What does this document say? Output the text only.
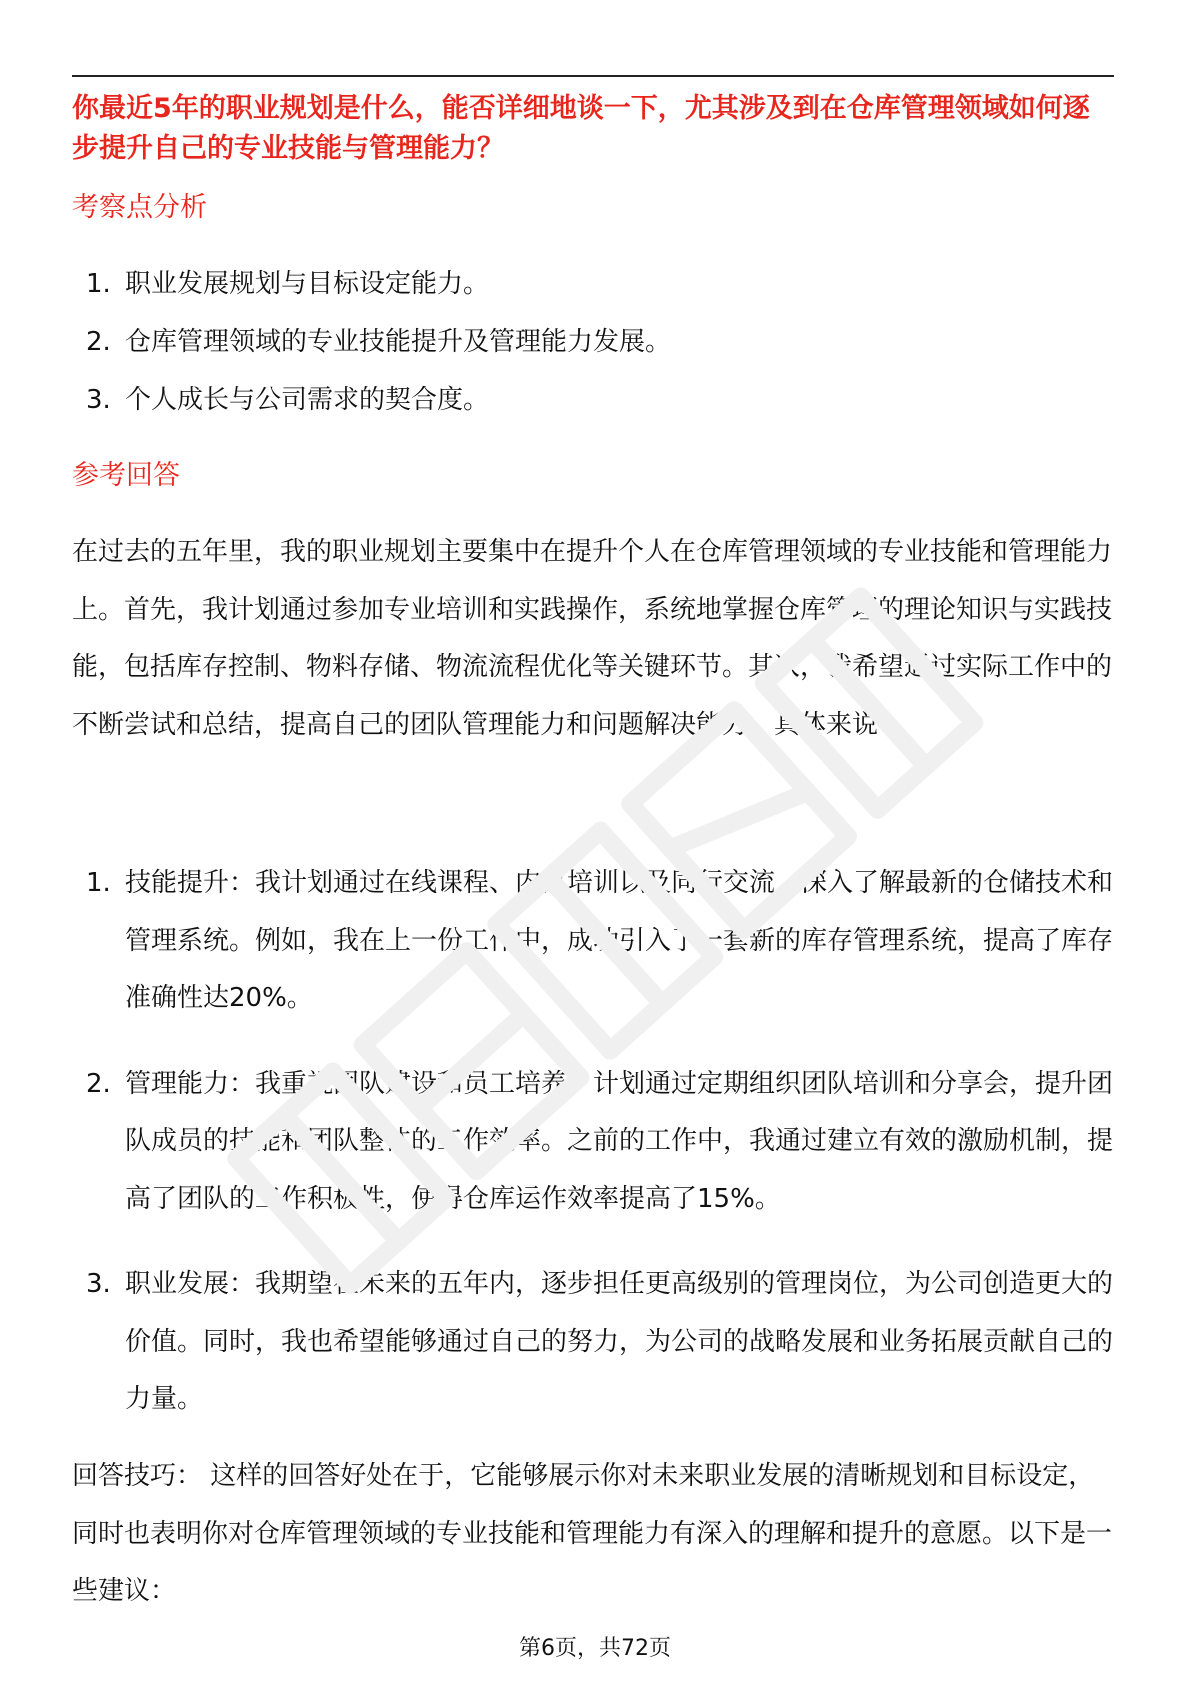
你最近5年的职业规划是什么，能否详细地谈一下，尤其涉及到在仓库管理领域如何逐步提升自己的专业技能与管理能力？
考察点分析
1. 职业发展规划与目标设定能力。
2. 仓库管理领域的专业技能提升及管理能力发展。
3. 个人成长与公司需求的契合度。
参考回答

在过去的五年里，我的职业规划主要集中在提升个人在仓库管理领域的专业技能和管理能力上。首先，我计划通过参加专业培训和实践操作，系统地掌握仓库管理的理论知识与实践技能，包括库存控制、物料存储、物流流程优化等关键环节。其次，我希望通过实际工作中的不断尝试和总结，提高自己的团队管理能力和问题解决能力。具体来说：

1. 技能提升：我计划通过在线课程、内部培训以及同行交流，深入了解最新的仓储技术和管理系统。例如，我在上一份工作中，成功引入了一套新的库存管理系统，提高了库存准确性达20%。
2. 管理能力：我重视团队建设和员工培养，计划通过定期组织团队培训和分享会，提升团队成员的技能和团队整体的工作效率。之前的工作中，我通过建立有效的激励机制，提高了团队的工作积极性，使得仓库运作效率提高了15%。
3. 职业发展：我期望在未来的五年内，逐步担任更高级别的管理岗位，为公司创造更大的价值。同时，我也希望能够通过自己的努力，为公司的战略发展和业务拓展贡献自己的力量。

回答技巧： 这样的回答好处在于，它能够展示你对未来职业发展的清晰规划和目标设定，同时也表明你对仓库管理领域的专业技能和管理能力有深入的理解和提升的意愿。以下是一些建议：

第6页，共72页
